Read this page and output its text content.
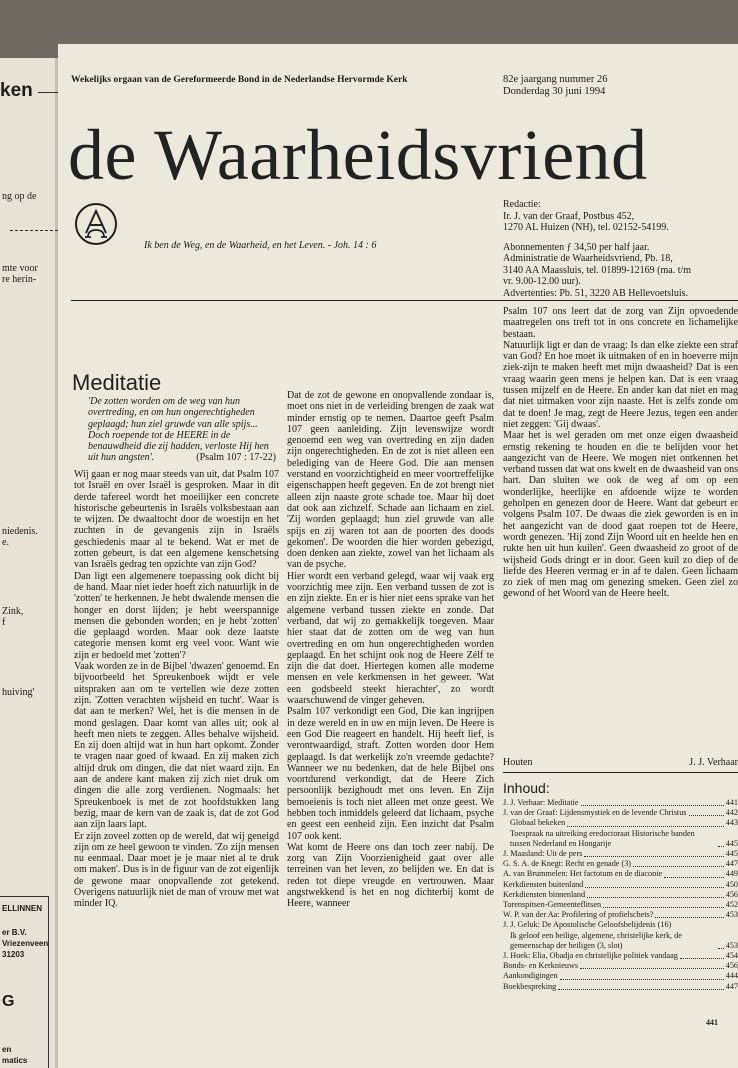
ken
ng op de
mte voor
re herin-
niedenis.
e.
Zink,
f
huiving'
ELLINNEN
er B.V.
Vriezenveen
31203
G
en
matics
Wekelijks orgaan van de Gereformeerde Bond in de Nederlandse Hervormde Kerk	82e jaargang nummer 26
Donderdag 30 juni 1994
de Waarheidsvriend
Ik ben de Weg, en de Waarheid, en het Leven. - Joh. 14 : 6
Redactie:
Ir. J. van der Graaf, Postbus 452,
1270 AL Huizen (NH), tel. 02152-54199.
Abonnementen ƒ 34,50 per half jaar.
Administratie de Waarheidsvriend, Pb. 18,
3140 AA Maassluis, tel. 01899-12169 (ma. t/m
vr. 9.00-12.00 uur).
Advertenties: Pb. 51, 3220 AB Hellevoetsluis.
Meditatie
'De zotten worden om de weg van hun overtreding, en om hun ongerechtigheden geplaagd; hun ziel gruwde van alle spijs... Doch roepende tot de HEERE in de benauwdheid die zij hadden, verloste Hij hen uit hun angsten'.	(Psalm 107 : 17-22)

Wij gaan er nog maar steeds van uit, dat Psalm 107 tot Israël en over Israël is gesproken. Maar in dit derde tafereel wordt het moeilijker een concrete historische gebeurtenis in Israëls volksbestaan aan te wijzen. De dwaaltocht door de woestijn en het zuchten in de gevangenis zijn in Israëls geschiedenis maar al te bekend. Wat er met de zotten gebeurt, is dat een algemene kenschetsing van Israëls gedrag ten opzichte van zijn God?

Dan ligt een algemenere toepassing ook dicht bij de hand. Maar niet ieder hoeft zich natuurlijk in de 'zotten' te herkennen. Je hebt dwalende mensen die honger en dorst lijden; je hebt weerspannige mensen die gebonden worden; en je hebt 'zotten' die geplaagd worden. Maar ook deze laatste categorie mensen komt erg veel voor. Want wie zijn er bedoeld met 'zotten'?

Vaak worden ze in de Bijbel 'dwazen' genoemd. En bijvoorbeeld het Spreukenboek wijdt er vele uitspraken aan om te vertellen wie deze zotten zijn. 'Zotten verachten wijsheid en tucht'. Waar is dat aan te merken? Wel, het is die mensen in de mond geslagen. Daar komt van alles uit; ook al heeft men niets te zeggen. Alles behalve wijsheid. En zij doen altijd wat in hun hart opkomt. Zonder te vragen naar goed of kwaad. En zij maken zich altijd druk om dingen, die dat niet waard zijn. En aan de andere kant maken zij zich niet druk om dingen die alle zorg verdienen. Nogmaals: het Spreukenboek is met de zot hoofdstukken lang bezig, maar de kern van de zaak is, dat de zot God aan zijn laars lapt.

Er zijn zoveel zotten op de wereld, dat wij geneigd zijn om ze heel gewoon te vinden. 'Zo zijn mensen nu eenmaal. Daar moet je je maar niet al te druk om maken'. Dus is in de figuur van de zot eigenlijk de gewone maar onopvallende zot getekend. Overigens natuurlijk niet de man of vrouw met wat minder IQ.

Dat de zot de gewone en onopvallende zondaar is, moet ons niet in de verleiding brengen de zaak wat minder ernstig op te nemen. Daartoe geeft Psalm 107 geen aanleiding. Zijn levenswijze wordt genoemd een weg van overtreding en zijn daden zijn ongerechtigheden. En de zot is niet alleen een belediging van de Heere God. Die aan mensen verstand en voorzichtigheid en meer voortreffelijke eigenschappen heeft gegeven. En de zot brengt niet alleen zijn naaste grote schade toe. Maar hij doet dat ook aan zichzelf. Schade aan lichaam en ziel. 'Zij worden geplaagd; hun ziel gruwde van alle spijs en zij waren tot aan de poorten des doods gekomen'. De woorden die hier worden gebezigd, doen denken aan ziekte, zowel van het lichaam als van de psyche.

Hier wordt een verband gelegd, waar wij vaak erg voorzichtig mee zijn. Een verband tussen de zot is en zijn ziekte. En er is hier niet eens sprake van het algemene verband tussen ziekte en zonde. Dat verband, dat wij zo gemakkelijk toegeven. Maar hier staat dat de zotten om de weg van hun overtreding en om hun ongerechtigheden worden geplaagd. En het schijnt ook nog de Heere Zélf te zijn die dat doet. Hiertegen komen alle moderne mensen en vele kerkmensen in het geweer. 'Wat een godsbeeld steekt hierachter', zo wordt waarschuwend de vinger geheven.

Psalm 107 verkondigt een God, Die kan ingrijpen in deze wereld en in uw en mijn leven. De Heere is een God Die reageert en handelt. Hij heeft lief, is verontwaardigd, straft. Zotten worden door Hem geplaagd. Is dat werkelijk zo'n vreemde gedachte? Wanneer we nu bedenken, dat de hele Bijbel ons voortdurend verkondigt, dat de Heere Zich persoonlijk bezighoudt met ons leven. En Zijn bemoeienis is toch niet alleen met onze geest. We hebben toch inmiddels geleerd dat lichaam, psyche en geest een eenheid zijn. Een inzicht dat Psalm 107 ook kent.

Wat komt de Heere ons dan toch zeer nabij. De zorg van Zijn Voorzienigheid gaat over alle terreinen van het leven, zo belijden we. En dat is reden tot diepe vreugde en vertrouwen. Maar angstwekkend is het en nog dichterbij komt de Heere, wanneer

Psalm 107 ons leert dat de zorg van Zijn opvoedende maatregelen ons treft tot in ons concrete en lichamelijke bestaan.

Natuurlijk ligt er dan de vraag: Is dan elke ziekte een straf van God? En hoe moet ik uitmaken of en in hoeverre mijn ziek-zijn te maken heeft met mijn dwaasheid? Dat is een vraag waarin geen mens je helpen kan. Dat is een vraag tussen mijzelf en de Heere. En ander kan dat niet en mag dat niet uitmaken voor zijn naaste. Het is zelfs zonde om dat te doen! Je mag, zegt de Heere Jezus, tegen een ander niet zeggen: 'Gij dwaas'.

Maar het is wel geraden om met onze eigen dwaasheid ernstig rekening te houden en die te belijden voor het aangezicht van de Heere. We mogen niet ontkennen het verband tussen dat wat ons kwelt en de dwaasheid van ons hart. Dan sluiten we ook de weg af om op een wonderlijke, heerlijke en afdoende wijze te worden geholpen en genezen door de Heere. Want dat gebeurt er volgens Psalm 107. De dwaas die ziek geworden is en in het aangezicht van de dood gaat roepen tot de Heere, wordt genezen. 'Hij zond Zijn Woord uit en heelde hen en rukte hen uit hun kuilen'. Geen dwaasheid zo groot of de wijsheid Gods dringt er in door. Geen kuil zo diep of de liefde des Heeren vermag er in af te dalen. Geen lichaam zo ziek of men mag om genezing smeken. Geen ziel zo gewond of het Woord van de Heere heelt.

Houten	J. J. Verhaar
Inhoud:
J. J. Verhaar: Meditatie	441
J. van der Graaf: Lijdensmystiek en de levende Christus	442
Globaal bekeken	443
Toespraak na uitreiking eredoctoraat Historische banden tussen Nederland en Hongarije	445
J. Maasland: Uit de pers	445
G. S. A. de Knegt: Recht en genade (3)	447
A. van Brummelen: Het factotum en de diaconie	449
Kerkdiensten buitenland	450
Kerkdiensten binnenland	456
Torenspitsen-Gemeenteflitsen	452
W. P. van der Aa: Profilering of profielschets?	453
J. J. Geluk: De Apostolische Geloofsbelijdenis (16)
Ik geloof een heilige, algemene, christelijke kerk, de gemeenschap der heiligen (3, slot)	453
J. Hoek: Elia, Obadja en christelijke politiek vandaag	454
Bonds- en Kerknieuws	456
Aankondigingen	444
Boekbespreking	447
441
